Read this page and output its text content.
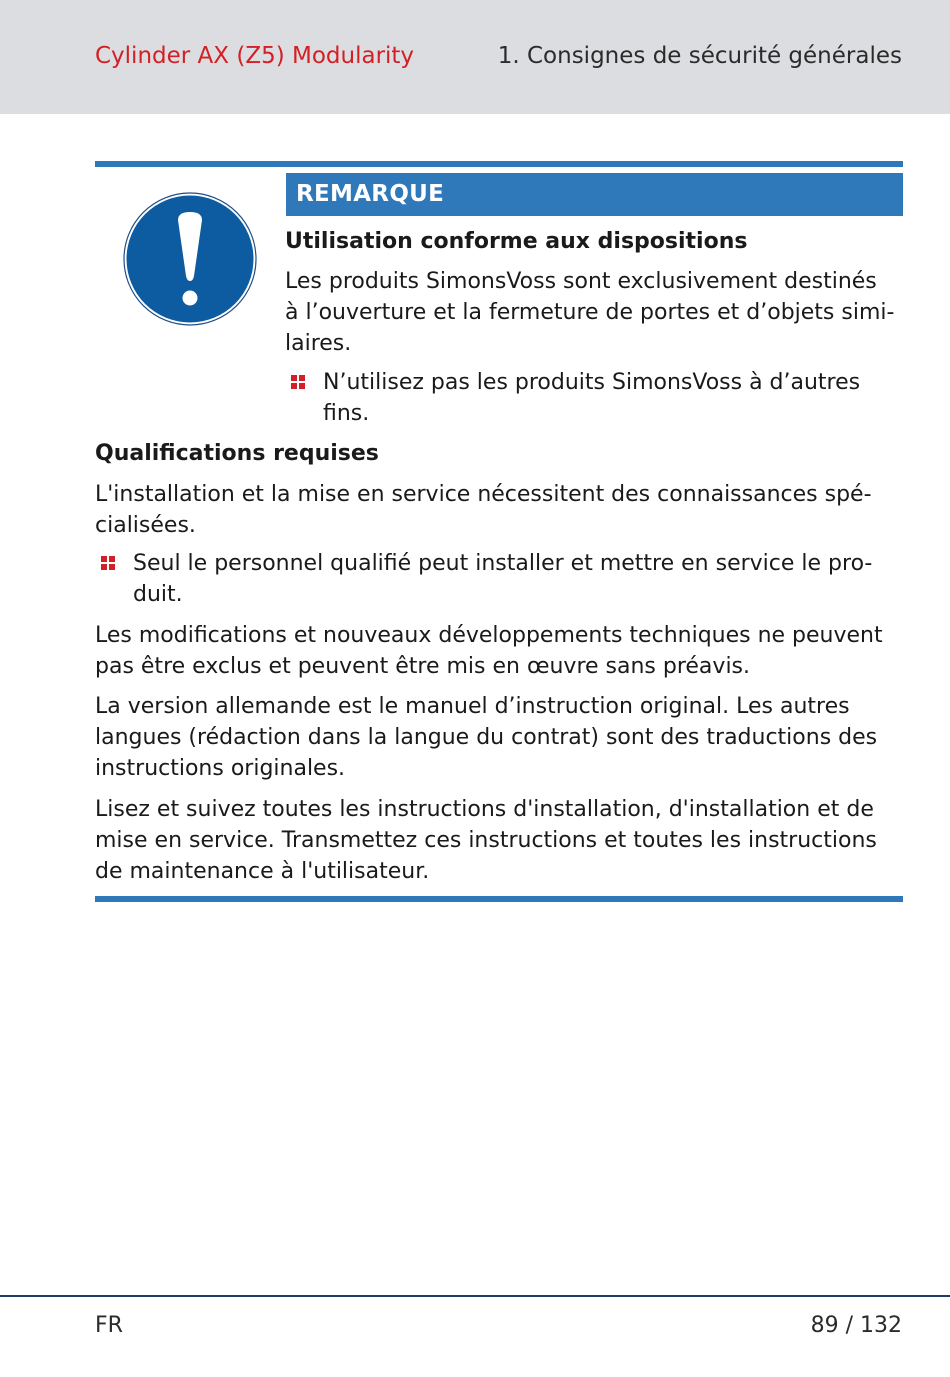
Cylinder AX (Z5) Modularity	1. Consignes de sécurité générales
REMARQUE
Utilisation conforme aux dispositions
Les produits SimonsVoss sont exclusivement destinés
à l’ouverture et la fermeture de portes et d’objets simi-
laires.
N’utilisez pas les produits SimonsVoss à d’autres
fins.
Qualifications requises
L'installation et la mise en service nécessitent des connaissances spé-
cialisées.
Seul le personnel qualifié peut installer et mettre en service le pro-
duit.
Les modifications et nouveaux développements techniques ne peuvent
pas être exclus et peuvent être mis en œuvre sans préavis.
La version allemande est le manuel d’instruction original. Les autres
langues (rédaction dans la langue du contrat) sont des traductions des
instructions originales.
Lisez et suivez toutes les instructions d'installation, d'installation et de
mise en service. Transmettez ces instructions et toutes les instructions
de maintenance à l'utilisateur.
FR	89 / 132
